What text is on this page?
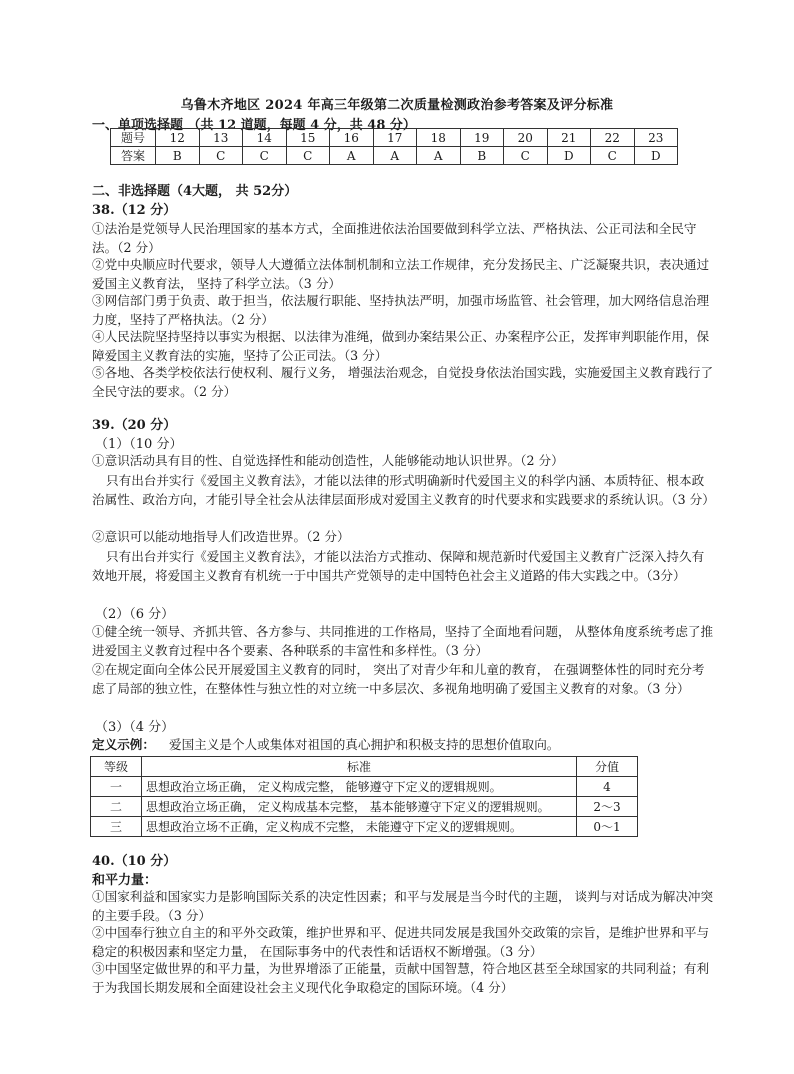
乌鲁木齐地区 2024 年高三年级第二次质量检测政治参考答案及评分标准
一、单项选择题 （共 12 道题，每题 4 分，共 48 分）
题号	12	13	14	15	16	17	18	19	20	21	22	23
答案	B	C	C	C	A	A	A	B	C	D	C	D
二、非选择题（4大题， 共 52分）
38.（12 分）
①法治是党领导人民治理国家的基本方式，全面推进依法治国要做到科学立法、严格执法、公正司法和全民守法。（2 分）
②党中央顺应时代要求，领导人大遵循立法体制机制和立法工作规律，充分发扬民主、广泛凝聚共识，表决通过爱国主义教育法， 坚持了科学立法。（3 分）
③网信部门勇于负责、敢于担当，依法履行职能、坚持执法严明，加强市场监管、社会管理，加大网络信息治理力度，坚持了严格执法。（2 分）
④人民法院坚持坚持以事实为根据、以法律为准绳，做到办案结果公正、办案程序公正，发挥审判职能作用，保障爱国主义教育法的实施，坚持了公正司法。（3 分）
⑤各地、各类学校依法行使权利、履行义务， 增强法治观念，自觉投身依法治国实践，实施爱国主义教育践行了全民守法的要求。（2 分）
39.（20 分）
（1）（10 分）
①意识活动具有目的性、自觉选择性和能动创造性，人能够能动地认识世界。（2 分）
只有出台并实行《爱国主义教育法》，才能以法律的形式明确新时代爱国主义的科学内涵、本质特征、根本政治属性、政治方向，才能引导全社会从法律层面形成对爱国主义教育的时代要求和实践要求的系统认识。（3 分）
②意识可以能动地指导人们改造世界。（2 分）
只有出台并实行《爱国主义教育法》，才能以法治方式推动、保障和规范新时代爱国主义教育广泛深入持久有效地开展，将爱国主义教育有机统一于中国共产党领导的走中国特色社会主义道路的伟大实践之中。（3分）
（2）（6 分）
①健全统一领导、齐抓共管、各方参与、共同推进的工作格局，坚持了全面地看问题， 从整体角度系统考虑了推进爱国主义教育过程中各个要素、各种联系的丰富性和多样性。（3 分）
②在规定面向全体公民开展爱国主义教育的同时， 突出了对青少年和儿童的教育， 在强调整体性的同时充分考虑了局部的独立性，在整体性与独立性的对立统一中多层次、多视角地明确了爱国主义教育的对象。（3 分）
（3）（4 分）
定义示例： 爱国主义是个人或集体对祖国的真心拥护和积极支持的思想价值取向。
等级	标准	分值
一	思想政治立场正确， 定义构成完整， 能够遵守下定义的逻辑规则。	4
二	思想政治立场正确， 定义构成基本完整， 基本能够遵守下定义的逻辑规则。	2～3
三	思想政治立场不正确，定义构成不完整， 未能遵守下定义的逻辑规则。	0～1
40.（10 分）
和平力量：
①国家利益和国家实力是影响国际关系的决定性因素；和平与发展是当今时代的主题， 谈判与对话成为解决冲突的主要手段。（3 分）
②中国奉行独立自主的和平外交政策，维护世界和平、促进共同发展是我国外交政策的宗旨，是维护世界和平与稳定的积极因素和坚定力量， 在国际事务中的代表性和话语权不断增强。（3 分）
③中国坚定做世界的和平力量，为世界增添了正能量，贡献中国智慧，符合地区甚至全球国家的共同利益；有利于为我国长期发展和全面建设社会主义现代化争取稳定的国际环境。（4 分）
